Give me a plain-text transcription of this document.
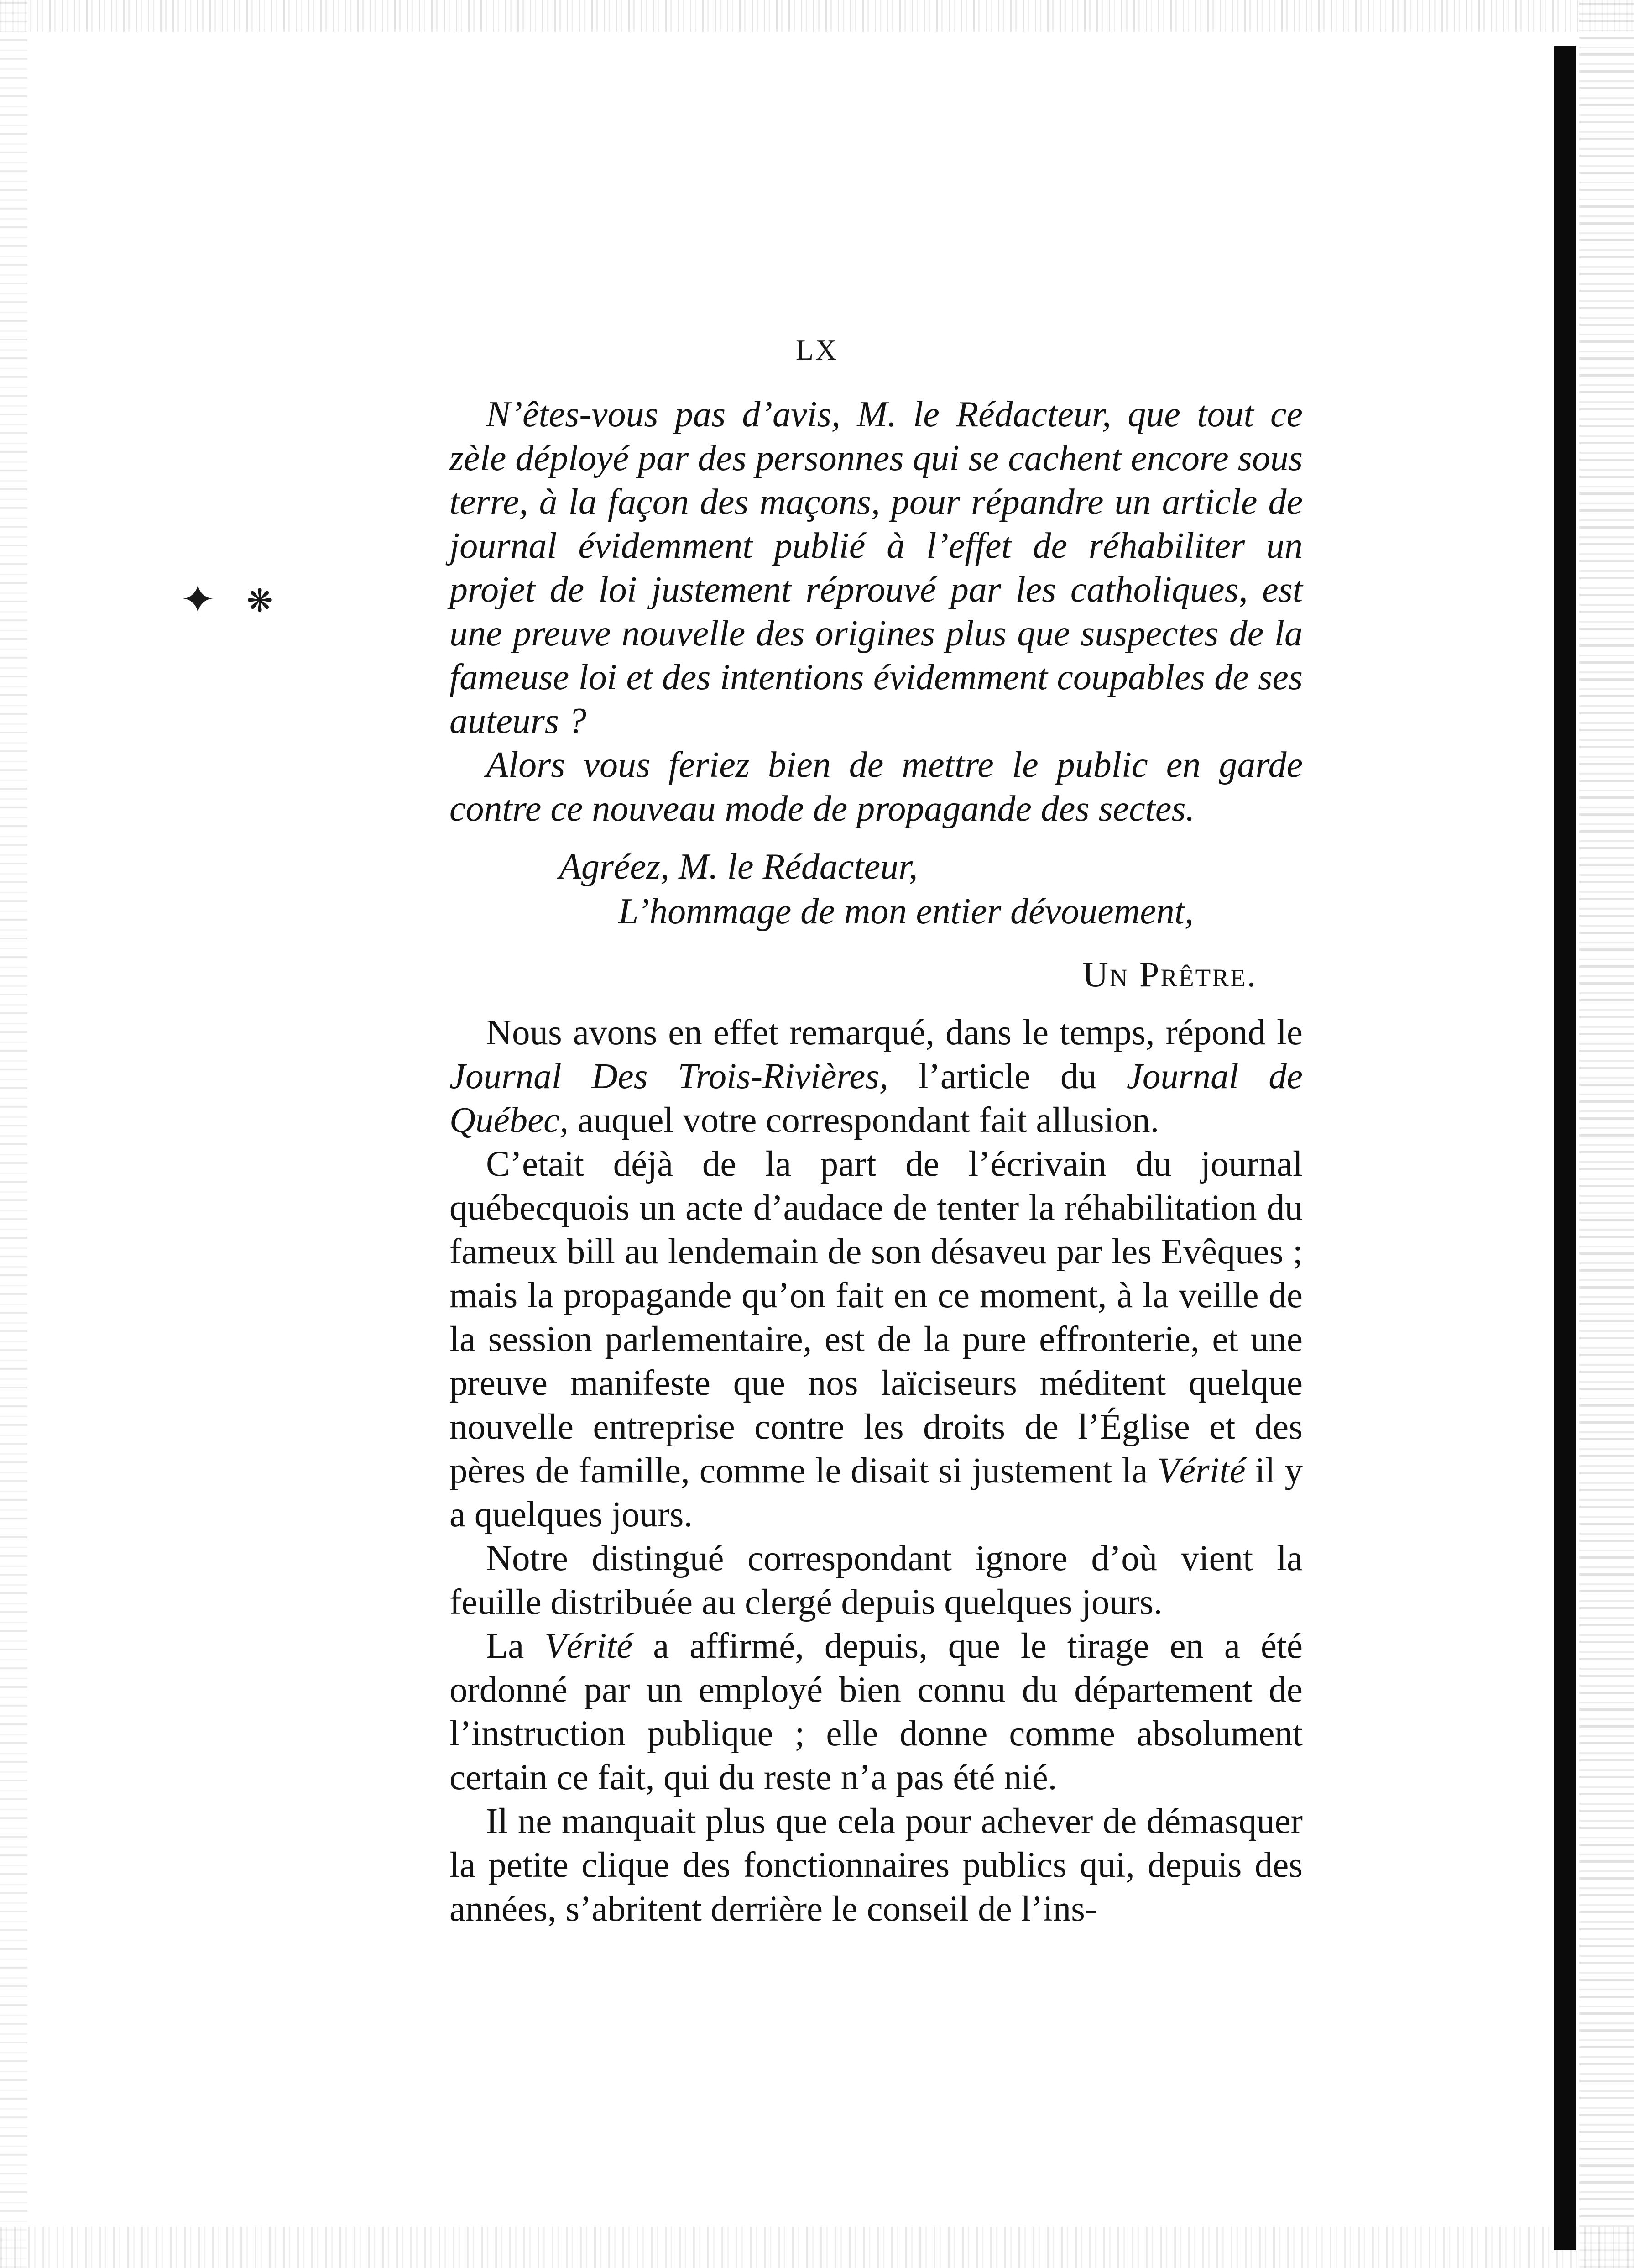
✦ ❋
LX

N’êtes-vous pas d’avis, M. le Rédacteur, que tout ce zèle déployé par des personnes qui se cachent encore sous terre, à la façon des maçons, pour répandre un article de journal évidemment publié à l’effet de réhabiliter un projet de loi justement réprouvé par les catholiques, est une preuve nouvelle des origines plus que suspectes de la fameuse loi et des intentions évidemment coupables de ses auteurs ?

Alors vous feriez bien de mettre le public en garde contre ce nouveau mode de propagande des sectes.

Agréez, M. le Rédacteur,
L’hommage de mon entier dévouement,
Un Prêtre.

Nous avons en effet remarqué, dans le temps, répond le Journal Des Trois-Rivières, l’article du Journal de Québec, auquel votre correspondant fait allusion.

C’etait déjà de la part de l’écrivain du journal québecquois un acte d’audace de tenter la réhabilitation du fameux bill au lendemain de son désaveu par les Evêques ; mais la propagande qu’on fait en ce moment, à la veille de la session parlementaire, est de la pure effronterie, et une preuve manifeste que nos laïciseurs méditent quelque nouvelle entreprise contre les droits de l’Église et des pères de famille, comme le disait si justement la Vérité il y a quelques jours.

Notre distingué correspondant ignore d’où vient la feuille distribuée au clergé depuis quelques jours.

La Vérité a affirmé, depuis, que le tirage en a été ordonné par un employé bien connu du département de l’instruction publique ; elle donne comme absolument certain ce fait, qui du reste n’a pas été nié.

Il ne manquait plus que cela pour achever de démasquer la petite clique des fonctionnaires publics qui, depuis des années, s’abritent derrière le conseil de l’ins-
